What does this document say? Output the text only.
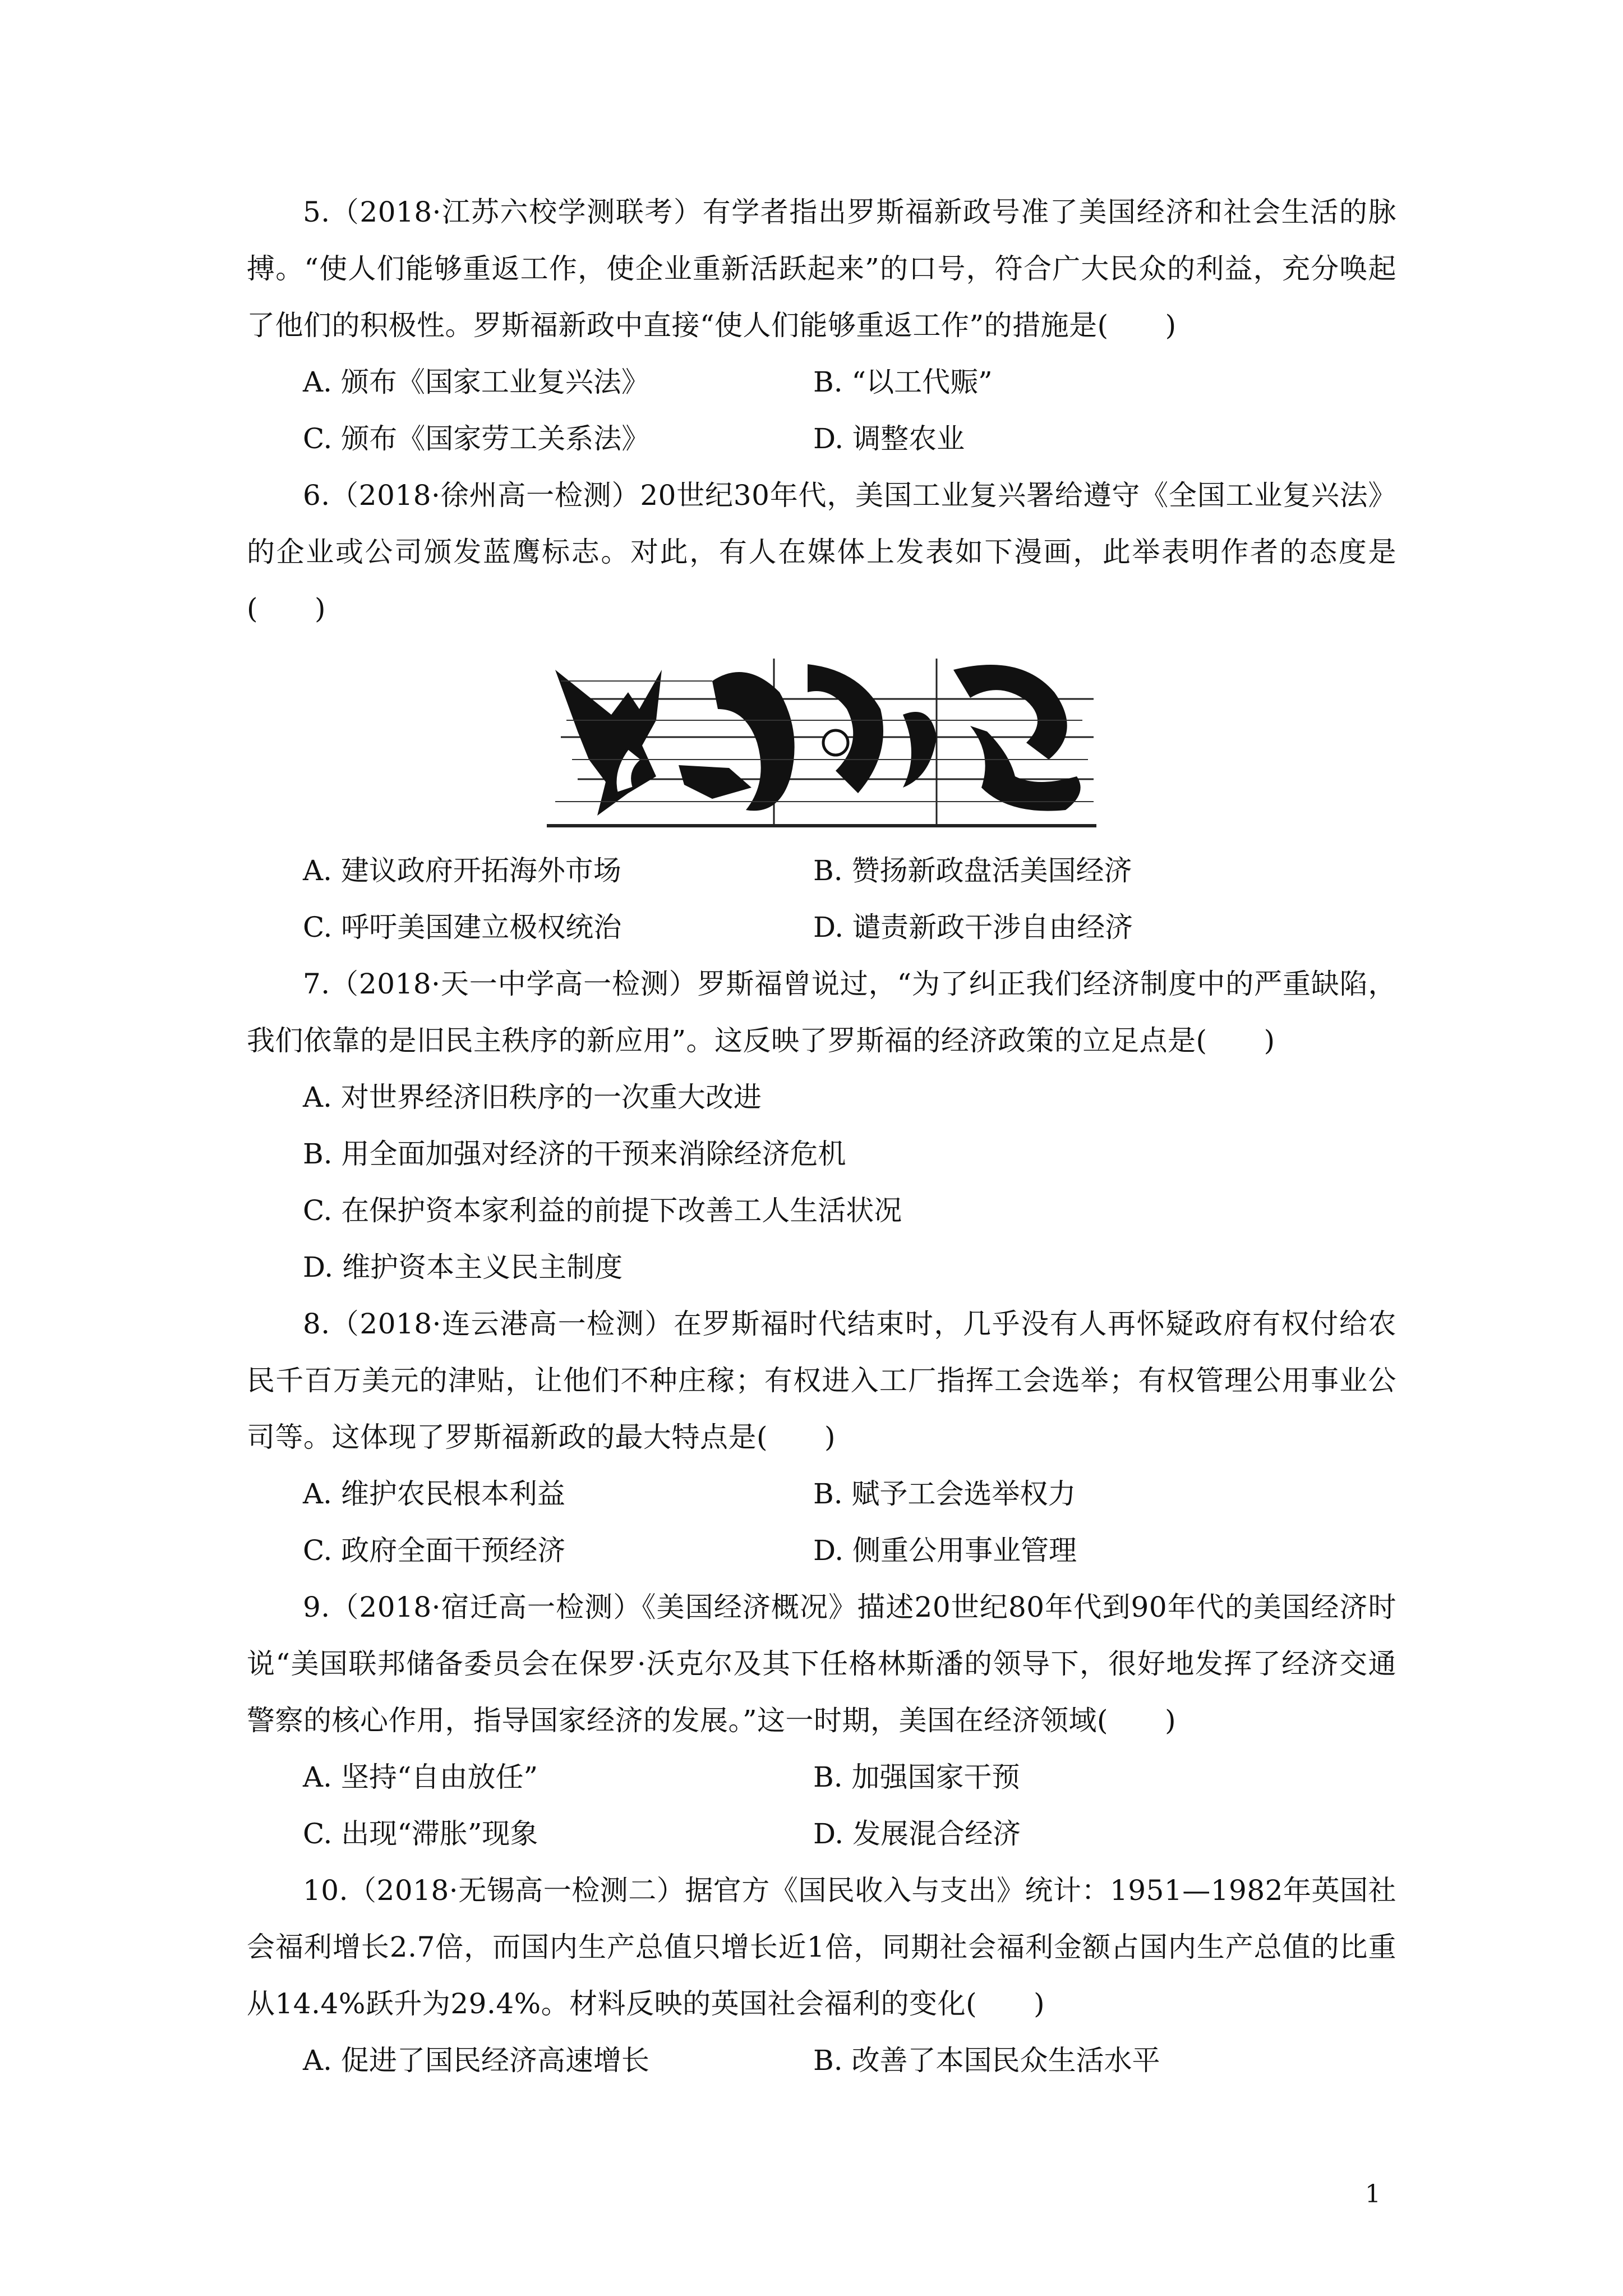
5.（2018·江苏六校学测联考）有学者指出罗斯福新政号准了美国经济和社会生活的脉搏。“使人们能够重返工作，使企业重新活跃起来”的口号，符合广大民众的利益，充分唤起了他们的积极性。罗斯福新政中直接“使人们能够重返工作”的措施是(　　)

A. 颁布《国家工业复兴法》	B. “以工代赈”
C. 颁布《国家劳工关系法》	D. 调整农业

6.（2018·徐州高一检测）20世纪30年代，美国工业复兴署给遵守《全国工业复兴法》的企业或公司颁发蓝鹰标志。对此，有人在媒体上发表如下漫画，此举表明作者的态度是(　　)

A. 建议政府开拓海外市场	B. 赞扬新政盘活美国经济
C. 呼吁美国建立极权统治	D. 谴责新政干涉自由经济

7.（2018·天一中学高一检测）罗斯福曾说过，“为了纠正我们经济制度中的严重缺陷，我们依靠的是旧民主秩序的新应用”。这反映了罗斯福的经济政策的立足点是(　　)

A. 对世界经济旧秩序的一次重大改进
B. 用全面加强对经济的干预来消除经济危机
C. 在保护资本家利益的前提下改善工人生活状况
D. 维护资本主义民主制度

8.（2018·连云港高一检测）在罗斯福时代结束时，几乎没有人再怀疑政府有权付给农民千百万美元的津贴，让他们不种庄稼；有权进入工厂指挥工会选举；有权管理公用事业公司等。这体现了罗斯福新政的最大特点是(　　)

A. 维护农民根本利益	B. 赋予工会选举权力
C. 政府全面干预经济	D. 侧重公用事业管理

9.（2018·宿迁高一检测）《美国经济概况》描述20世纪80年代到90年代的美国经济时说“美国联邦储备委员会在保罗·沃克尔及其下任格林斯潘的领导下，很好地发挥了经济交通警察的核心作用，指导国家经济的发展。”这一时期，美国在经济领域(　　)

A. 坚持“自由放任”	B. 加强国家干预
C. 出现“滞胀”现象	D. 发展混合经济

10.（2018·无锡高一检测二）据官方《国民收入与支出》统计：1951—1982年英国社会福利增长2.7倍，而国内生产总值只增长近1倍，同期社会福利金额占国内生产总值的比重从14.4%跃升为29.4%。材料反映的英国社会福利的变化(　　)

A. 促进了国民经济高速增长	B. 改善了本国民众生活水平
1
